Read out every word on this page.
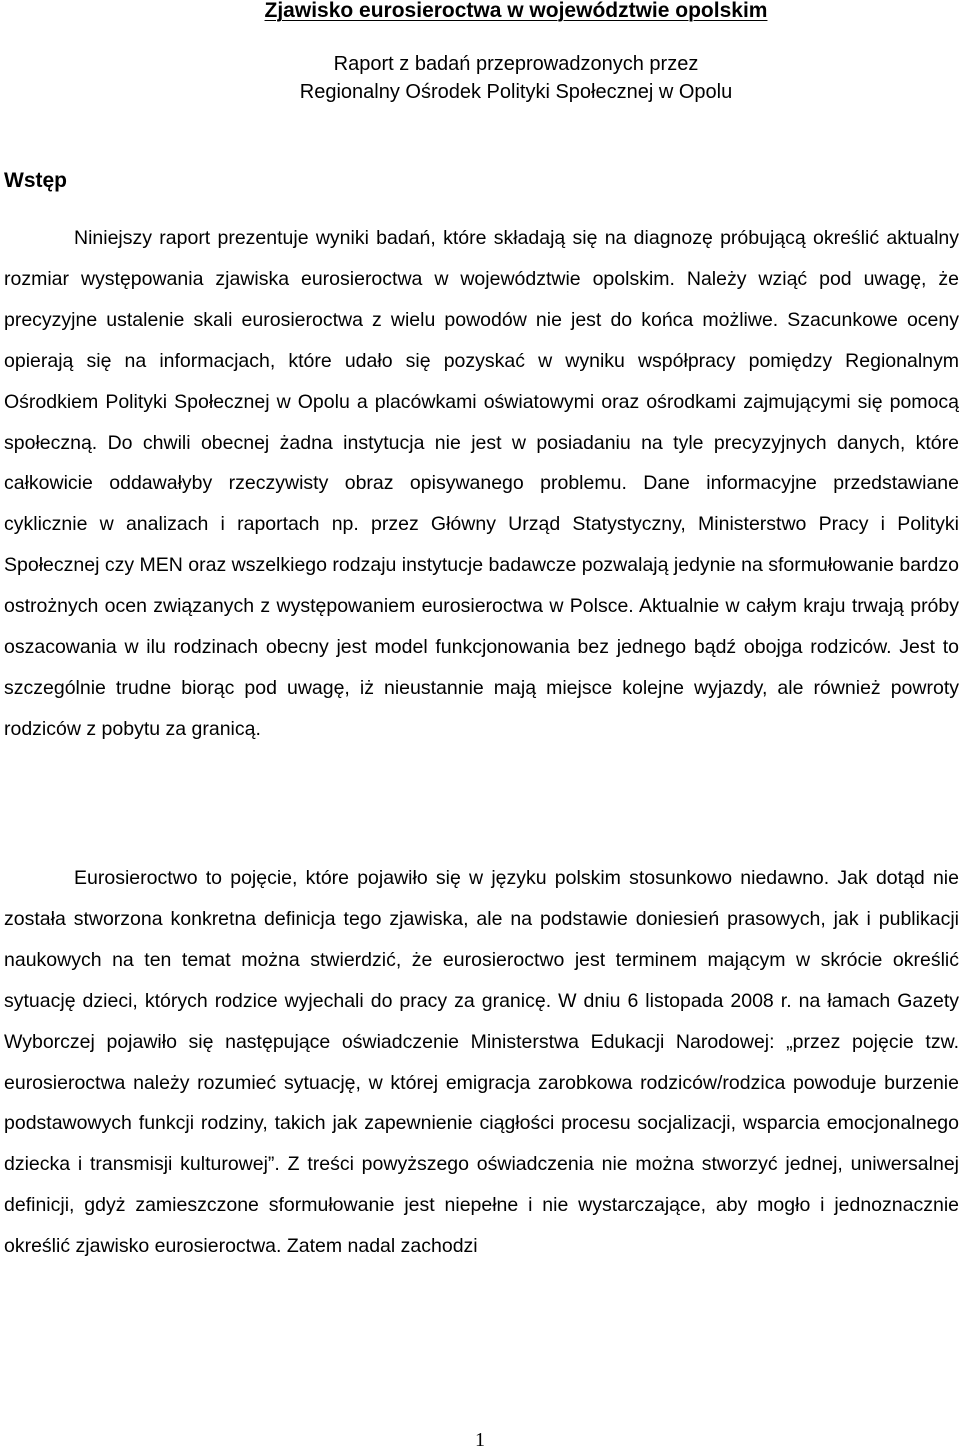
Zjawisko eurosieroctwa w województwie opolskim
Raport z badań przeprowadzonych przez
Regionalny Ośrodek Polityki Społecznej w Opolu
Wstęp

Niniejszy raport prezentuje wyniki badań, które składają się na diagnozę próbującą określić aktualny rozmiar występowania zjawiska eurosieroctwa w województwie opolskim. Należy wziąć pod uwagę, że precyzyjne ustalenie skali eurosieroctwa z wielu powodów nie jest do końca możliwe. Szacunkowe oceny opierają się na informacjach, które udało się pozyskać w wyniku współpracy pomiędzy Regionalnym Ośrodkiem Polityki Społecznej w Opolu a placówkami oświatowymi oraz ośrodkami zajmującymi się pomocą społeczną. Do chwili obecnej żadna instytucja nie jest w posiadaniu na tyle precyzyjnych danych, które całkowicie oddawałyby rzeczywisty obraz opisywanego problemu. Dane informacyjne przedstawiane cyklicznie w analizach i raportach np. przez Główny Urząd Statystyczny, Ministerstwo Pracy i Polityki Społecznej czy MEN oraz wszelkiego rodzaju instytucje badawcze pozwalają jedynie na sformułowanie bardzo ostrożnych ocen związanych z występowaniem eurosieroctwa w Polsce. Aktualnie w całym kraju trwają próby oszacowania w ilu rodzinach obecny jest model funkcjonowania bez jednego bądź obojga rodziców. Jest to szczególnie trudne biorąc pod uwagę, iż nieustannie mają miejsce kolejne wyjazdy, ale również powroty rodziców z pobytu za granicą.

Eurosieroctwo to pojęcie, które pojawiło się w języku polskim stosunkowo niedawno. Jak dotąd nie została stworzona konkretna definicja tego zjawiska, ale na podstawie doniesień prasowych, jak i publikacji naukowych na ten temat można stwierdzić, że eurosieroctwo jest terminem mającym w skrócie określić sytuację dzieci, których rodzice wyjechali do pracy za granicę. W dniu 6 listopada 2008 r. na łamach Gazety Wyborczej pojawiło się następujące oświadczenie Ministerstwa Edukacji Narodowej: „przez pojęcie tzw. eurosieroctwa należy rozumieć sytuację, w której emigracja zarobkowa rodziców/rodzica powoduje burzenie podstawowych funkcji rodziny, takich jak zapewnienie ciągłości procesu socjalizacji, wsparcia emocjonalnego dziecka i transmisji kulturowej”. Z treści powyższego oświadczenia nie można stworzyć jednej, uniwersalnej definicji, gdyż zamieszczone sformułowanie jest niepełne i nie wystarczające, aby mogło i jednoznacznie określić zjawisko eurosieroctwa. Zatem nadal zachodzi

1
